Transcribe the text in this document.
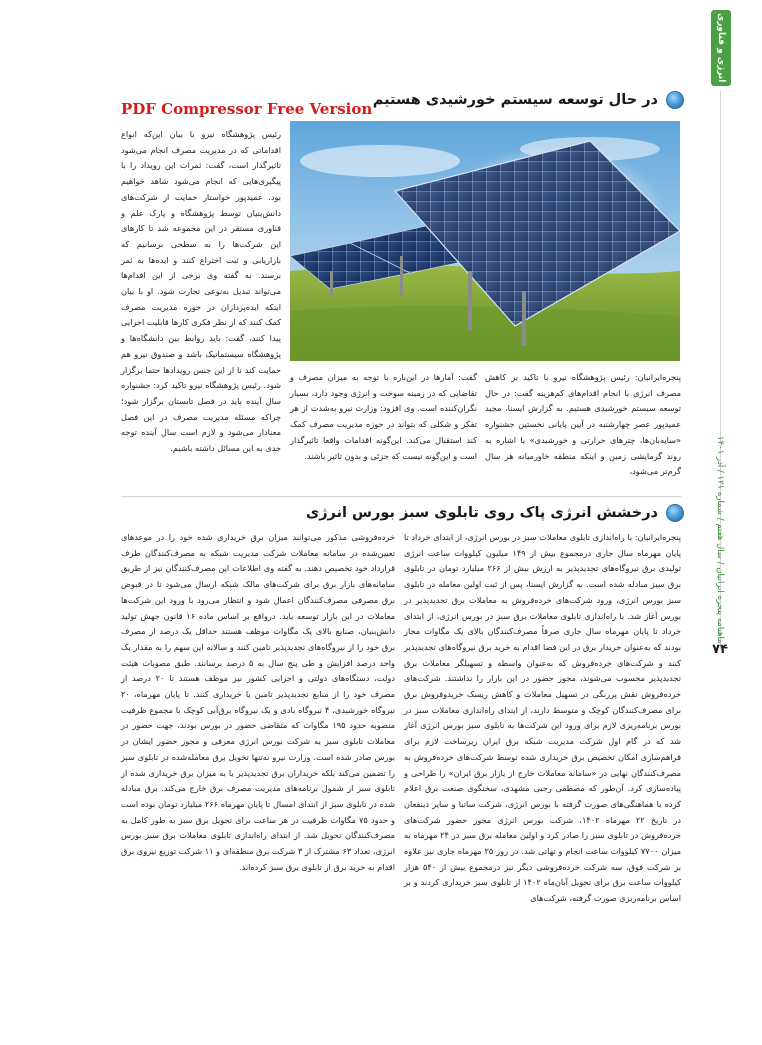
انرژی و فناوری
ماهنامه پنجره ایرانیان / سال هفتم / شماره ۱۲۱ / آذر ۱۴۰۱
۷۴
PDF Compressor Free Version در حال توسعه سیستم خورشیدی هستیم
رئیس پژوهشگاه نیرو با بیان این‌که انواع اقداماتی که در مدیریت مصرف انجام می‌شود تاثیرگذار است، گفت: ثمرات این رویداد را با پیگیری‌هایی که انجام می‌شود شاهد خواهیم بود. عمیدپور خواستار حمایت از شرکت‌های دانش‌بنیان توسط پژوهشگاه و پارک علم و فناوری مستقر در این مجموعه شد تا کارهای این شرکت‌ها را به سطحی برسانیم که بازاریابی و ثبت اختراع کنند و ایده‌ها به ثمر برسند. به گفته وی برخی از این اقدام‌ها می‌تواند تبدیل به‌نوعی تجارت شود. او با بیان اینکه ایده‌پردازان در حوزه مدیریت مصرف کمک کنند که از نظر فکری کارها قابلیت اجرایی پیدا کنند، گفت: باید روابط بین دانشگاه‌ها و پژوهشگاه سیستماتیک باشد و صندوق نیرو هم حمایت کند تا از این جنس رویدادها حتما برگزار شود. رئیس پژوهشگاه نیرو تاکید کرد: جشنواره سال آینده باید در فصل تابستان برگزار شود؛ چراکه مسئله مدیریت مصرف در این فصل معنادار می‌شود و لازم است سال آینده توجه جدی به این مسائل داشته باشیم.
گفت: آمارها در این‌باره با توجه به میزان مصرف و تقاضایی که در زمینه سوخت و انرژی وجود دارد، بسیار نگران‌کننده است. وی افزود: وزارت نیرو به‌شدت از هر تفکر و شکلی که بتواند در حوزه مدیریت مصرف کمک کند استقبال می‌کند. این‌گونه اقدامات واقعا تاثیرگذار است و این‌گونه نیست که جزئی و بدون تاثیر باشند.
پنجره‌ایرانیان: رئیس پژوهشگاه نیرو با تاکید بر کاهش مصرف انرژی با انجام اقدام‌های کم‌هزینه گفت: در حال توسعه سیستم خورشیدی هستیم. به گزارش ایسنا، مجید عمیدپور عصر چهارشنبه در آیین پایانی نخستین جشنواره «سایه‌بان‌ها، چترهای حرارتی و خورشیدی» با اشاره به روند گرمایشی زمین و اینکه منطقه خاورمیانه هر سال گرم‌تر می‌شود،
درخشش انرژی پاک روی تابلوی سبز بورس انرژی
پنجره‌ایرانیان: با راه‌اندازی تابلوی معاملات سبز در بورس انرژی، از ابتدای خرداد تا پایان مهرماه سال جاری درمجموع بیش از ۱۴۹ میلیون کیلووات ساعت انرژی تولیدی برق نیروگاه‌های تجدیدپذیر به ارزش بیش از ۲۶۶ میلیارد تومان در تابلوی برق سبز مبادله شده است. به گزارش ایسنا، پس از ثبت اولین معامله در تابلوی سبز بورس انرژی، ورود شرکت‌های خرده‌فروش به معاملات برق تجدیدپذیر در بورس آغاز شد. با راه‌اندازی تابلوی معاملات برق سبز در بورس انرژی، از ابتدای خرداد تا پایان مهرماه سال جاری صرفاً مصرف‌کنندگان بالای یک مگاوات مجاز بودند که به‌عنوان خریدار برق در این فضا اقدام به خرید برق نیروگاه‌های تجدیدپذیر کنند و شرکت‌های خرده‌فروش که به‌عنوان واسطه و تسهیلگر معاملات برق تجدیدپذیر محسوب می‌شوند، مجوز حضور در این بازار را نداشتند. شرکت‌های خرده‌فروش نقش پررنگی در تسهیل معاملات و کاهش ریسک خریدوفروش برق برای مصرف‌کنندگان کوچک و متوسط دارند، از ابتدای راه‌اندازی معاملات سبز در بورس برنامه‌ریزی لازم برای ورود این شرکت‌ها به تابلوی سبز بورس انرژی آغاز شد که در گام اول شرکت مدیریت شبکه برق ایران زیرساخت لازم برای فراهم‌سازی امکان تخصیص برق خریداری شده توسط شرکت‌های خرده‌فروش به مصرف‌کنندگان نهایی در «سامانه معاملات خارج از بازار برق ایران» را طراحی و پیاده‌سازی کرد. آن‌طور که مصطفی رجبی مشهدی، سخنگوی صنعت برق اعلام کرده با هماهنگی‌های صورت گرفته با بورس انرژی، شرکت ساتبا و سایر ذینفعان در تاریخ ۲۲ مهرماه ۱۴۰۲، شرکت بورس انرژی مجوز حضور شرکت‌های خرده‌فروش در تابلوی سبز را صادر کرد و اولین معامله برق سبز در ۲۴ مهرماه به میزان ۷۷۰۰ کیلووات ساعت انجام و تهاتی شد. در روز ۲۵ مهرماه جاری نیز علاوه بر شرکت فوق، سه شرکت خرده‌فروشی دیگر نیز درمجموع بیش از ۵۴۰ هزار کیلووات ساعت برق برای تحویل آبان‌ماه ۱۴۰۲ از تابلوی سبز خریداری کردند و بر اساس برنامه‌ریزی صورت گرفته، شرکت‌های
خرده‌فروشی مذکور می‌توانند میزان برق خریداری شده خود را در موعدهای تعیین‌شده در سامانه معاملات شرکت مدیریت شبکه به مصرف‌کنندگان طرف قرارداد خود تخصیص دهند. به گفته وی اطلاعات این مصرف‌کنندگان نیز از طریق سامانه‌های بازار برق برای شرکت‌های مالک شبکه ارسال می‌شود تا در قبوض برق مصرفی مصرف‌کنندگان اعمال شود و انتظار می‌رود با ورود این شرکت‌ها معاملات در این بازار توسعه یابد. درواقع بر اساس ماده ۱۶ قانون جهش تولید دانش‌بنیان، صنایع بالای یک مگاوات موظف هستند حداقل یک درصد از مصرف برق خود را از نیروگاه‌های تجدیدپذیر تامین کنند و سالانه این سهم را به مقدار یک واحد درصد افزایش و طی پنج سال به ۵ درصد برسانند. طبق مصوبات هیئت دولت، دستگاه‌های دولتی و اجرایی کشور نیز موظف هستند تا ۲۰ درصد از مصرف خود را از منابع تجدیدپذیر تامین یا خریداری کنند. تا پایان مهرماه، ۲۰ نیروگاه خورشیدی، ۴ نیروگاه بادی و یک نیروگاه برق‌آبی کوچک با مجموع ظرفیت منصوبه حدود ۱۹۵ مگاوات که متقاضی حضور در بورس بودند، جهت حضور در معاملات تابلوی سبز به شرکت بورس انرژی معرفی و مجوز حضور ایشان در بورس صادر شده است. وزارت نیرو نه‌تنها تحویل برق معامله‌شده در تابلوی سبز را تضمین می‌کند بلکه خریداران برق تجدیدپذیر یا به میزان برق خریداری شده از تابلوی سبز از شمول برنامه‌های مدیریت مصرف برق خارج می‌کند. برق مبادله شده در تابلوی سبز از ابتدای امسال تا پایان مهرماه ۲۶۶ میلیارد تومان بوده است و حدود ۷۵ مگاوات ظرفیت در هر ساعت برای تحویل برق سبز به طور کامل به مصرف‌کنندگان تحویل شد. از ابتدای راه‌اندازی تابلوی معاملات برق سبز بورس انرژی، تعداد ۶۳ مشترک از ۳ شرکت برق منطقه‌ای و ۱۱ شرکت توزیع نیروی برق اقدام به خرید برق از تابلوی برق سبز کرده‌اند.
